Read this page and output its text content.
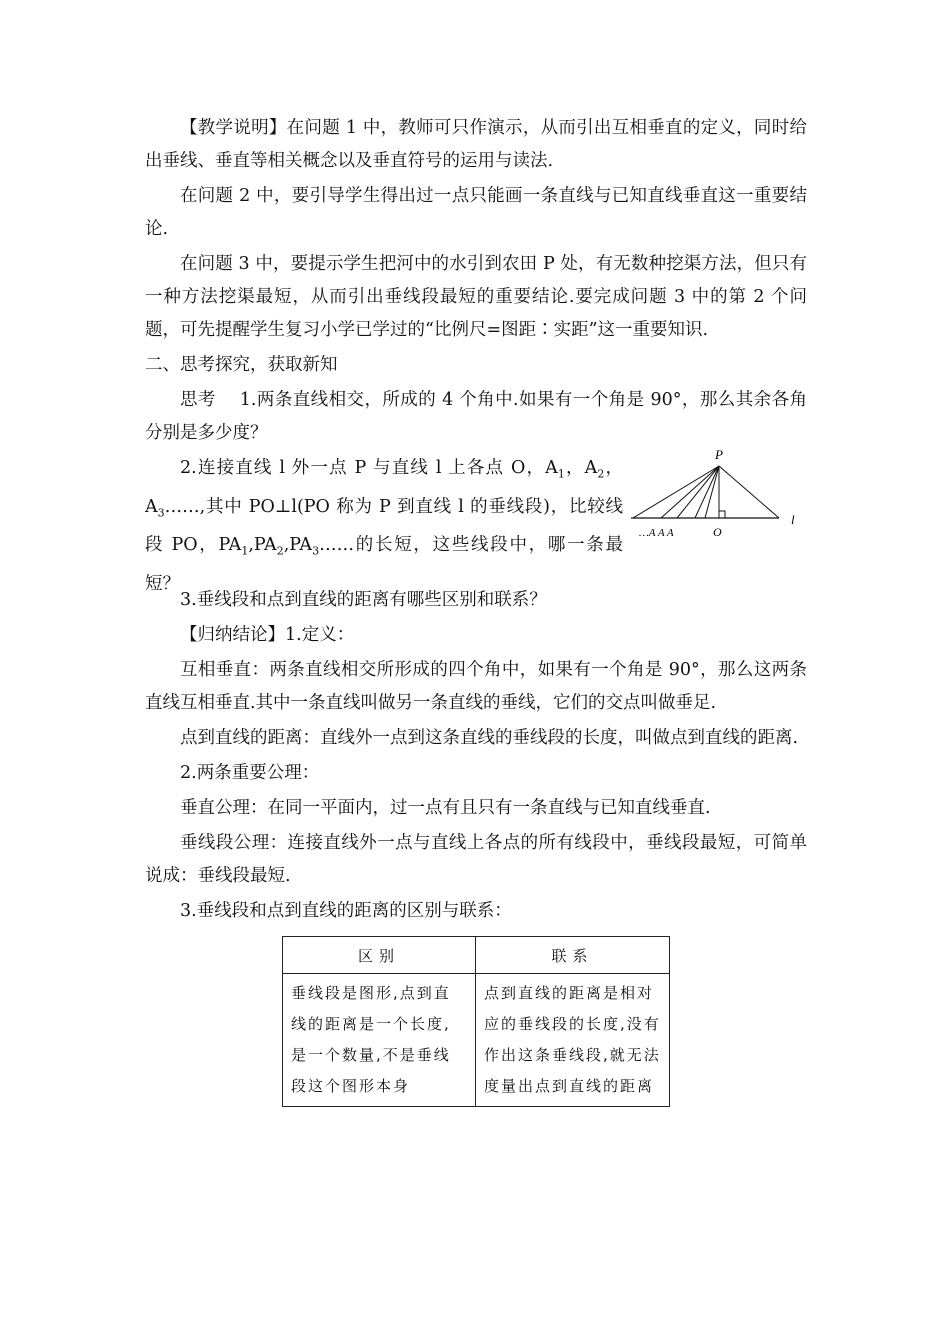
【教学说明】在问题 1 中，教师可只作演示，从而引出互相垂直的定义，同时给出垂线、垂直等相关概念以及垂直符号的运用与读法.

在问题 2 中，要引导学生得出过一点只能画一条直线与已知直线垂直这一重要结论.

在问题 3 中，要提示学生把河中的水引到农田 P 处，有无数种挖渠方法，但只有一种方法挖渠最短，从而引出垂线段最短的重要结论.要完成问题 3 中的第 2 个问题，可先提醒学生复习小学已学过的“比例尺=图距∶实距”这一重要知识.

二、思考探究，获取新知

思考　 1.两条直线相交，所成的 4 个角中.如果有一个角是 90°，那么其余各角分别是多少度？

2.连接直线 l 外一点 P 与直线 l 上各点 O，$A_1$，$A_2$，$A_3\dots\dots$,其中 PO⊥l(PO 称为 P 到直线 l 的垂线段)，比较线段 PO，$PA_1,PA_2,PA_3\dots\dots$的长短，这些线段中，哪一条最短？

P
l
O
…A A A

3.垂线段和点到直线的距离有哪些区别和联系？

【归纳结论】1.定义：

互相垂直：两条直线相交所形成的四个角中，如果有一个角是 90°，那么这两条直线互相垂直.其中一条直线叫做另一条直线的垂线，它们的交点叫做垂足.

点到直线的距离：直线外一点到这条直线的垂线段的长度，叫做点到直线的距离.

2.两条重要公理：

垂直公理：在同一平面内，过一点有且只有一条直线与已知直线垂直.

垂线段公理：连接直线外一点与直线上各点的所有线段中，垂线段最短，可简单说成：垂线段最短.

3.垂线段和点到直线的距离的区别与联系：

区别	联系
垂线段是图形,点到直线的距离是一个长度,是一个数量,不是垂线段这个图形本身	点到直线的距离是相对应的垂线段的长度,没有作出这条垂线段,就无法度量出点到直线的距离
